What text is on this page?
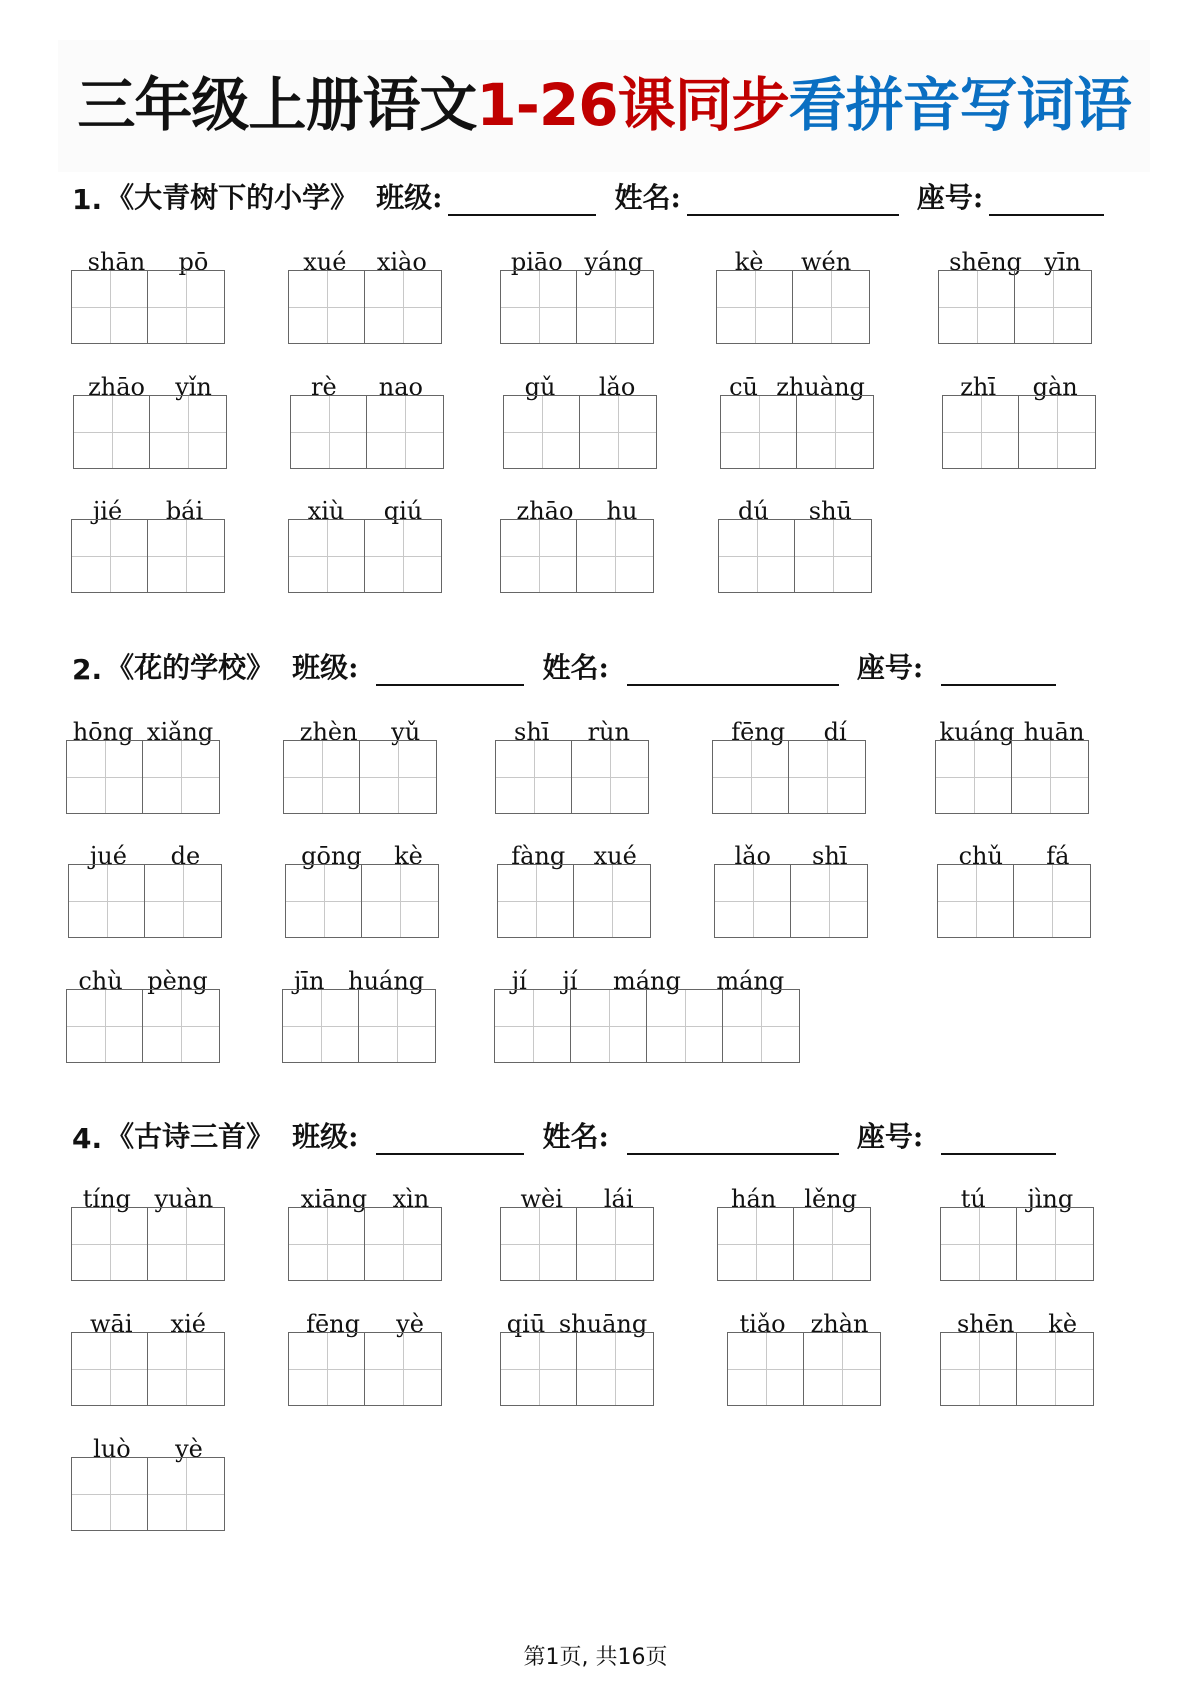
三年级上册语文1-26课同步看拼音写词语
1. 《大青树下的小学》 班级:	姓名:	座号:
2. 《花的学校》 班级:	姓名:	座号:
4. 《古诗三首》 班级:	姓名:	座号:
shān pō	xué xiào	piāo yáng	kè wén	shēng yīn
zhāo yǐn	rè nao	gǔ lǎo	cū zhuàng	zhī gàn
jié bái	xiù qiú	zhāo hu	dú shū
hōng xiǎng	zhèn yǔ	shī rùn	fēng dí	kuáng huān
jué de	gōng kè	fàng xué	lǎo shī	chǔ fá
chù pèng	jīn huáng	jí jí máng máng
tíng yuàn	xiāng xìn	wèi lái	hán lěng	tú jìng
wāi xié	fēng yè	qiū shuāng	tiǎo zhàn	shēn kè
luò yè
第1页, 共16页
